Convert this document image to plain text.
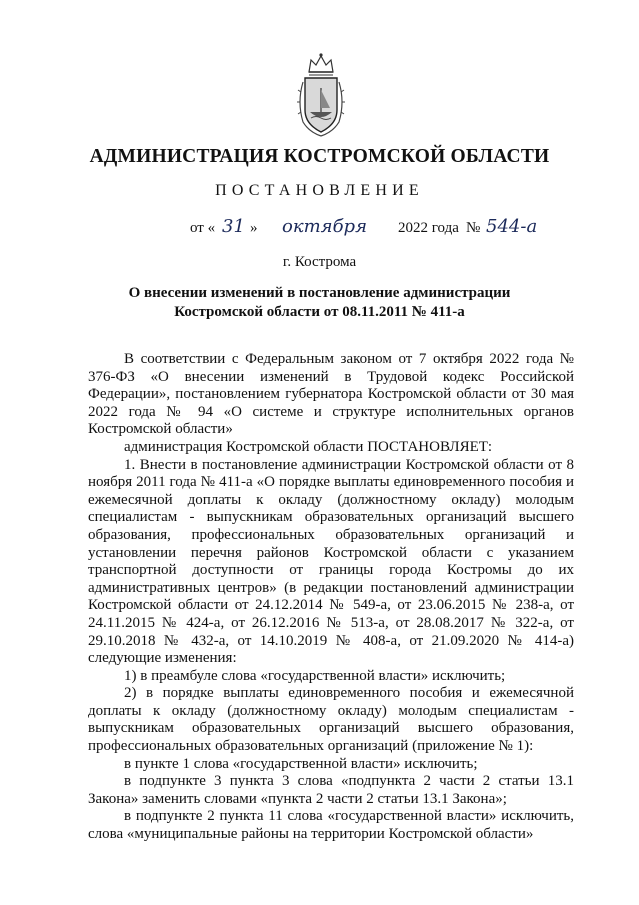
АДМИНИСТРАЦИЯ КОСТРОМСКОЙ ОБЛАСТИ
ПОСТАНОВЛЕНИЕ
от « 31 » октября 2022 года № 544-а
г. Кострома
О внесении изменений в постановление администрации
Костромской области от 08.11.2011 № 411-а

В соответствии с Федеральным законом от 7 октября 2022 года № 376-ФЗ «О внесении изменений в Трудовой кодекс Российской Федерации», постановлением губернатора Костромской области от 30 мая 2022 года № 94 «О системе и структуре исполнительных органов Костромской области»

администрация Костромской области ПОСТАНОВЛЯЕТ:

1. Внести в постановление администрации Костромской области от 8 ноября 2011 года № 411-а «О порядке выплаты единовременного пособия и ежемесячной доплаты к окладу (должностному окладу) молодым специалистам - выпускникам образовательных организаций высшего образования, профессиональных образовательных организаций и установлении перечня районов Костромской области с указанием транспортной доступности от границы города Костромы до их административных центров» (в редакции постановлений администрации Костромской области от 24.12.2014 № 549-а, от 23.06.2015 № 238-а, от 24.11.2015 № 424-а, от 26.12.2016 № 513-а, от 28.08.2017 № 322-а, от 29.10.2018 № 432-а, от 14.10.2019 № 408-а, от 21.09.2020 № 414-а) следующие изменения:

1) в преамбуле слова «государственной власти» исключить;

2) в порядке выплаты единовременного пособия и ежемесячной доплаты к окладу (должностному окладу) молодым специалистам - выпускникам образовательных организаций высшего образования, профессиональных образовательных организаций (приложение № 1):

в пункте 1 слова «государственной власти» исключить;

в подпункте 3 пункта 3 слова «подпункта 2 части 2 статьи 13.1 Закона» заменить словами «пункта 2 части 2 статьи 13.1 Закона»;

в подпункте 2 пункта 11 слова «государственной власти» исключить, слова «муниципальные районы на территории Костромской области»
